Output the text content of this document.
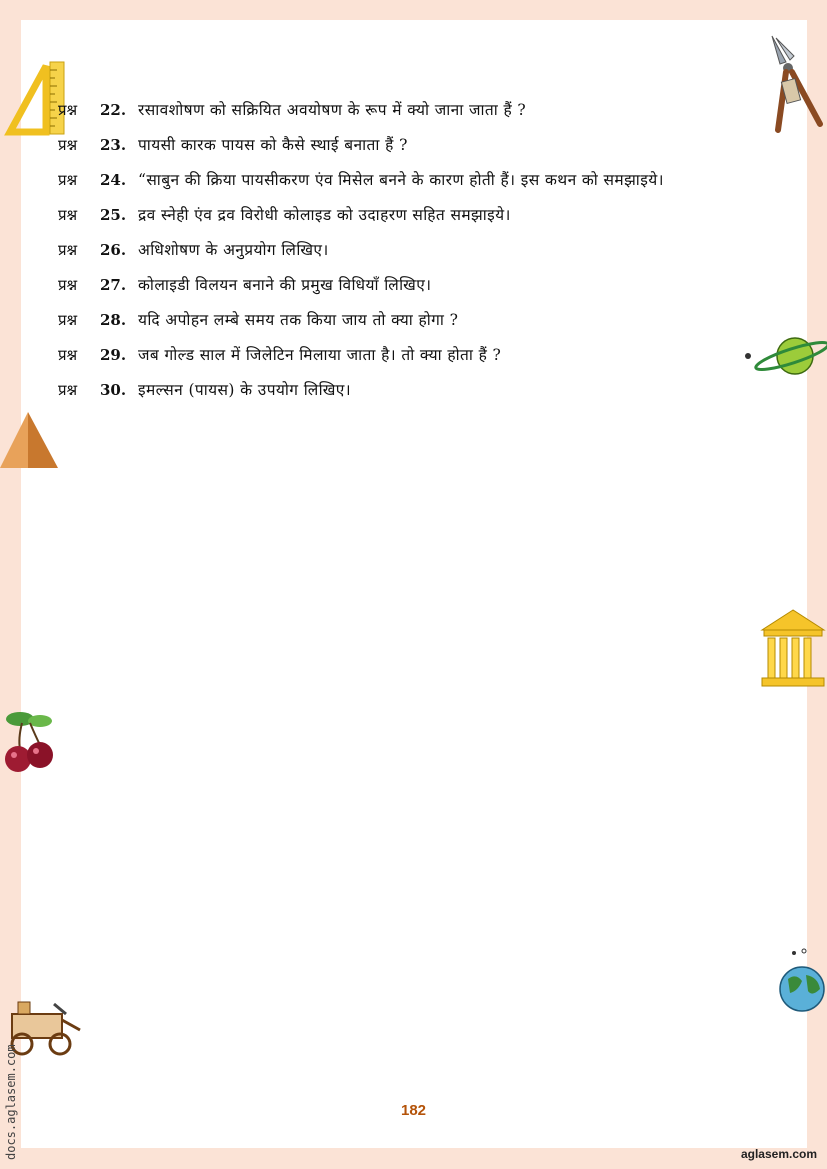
प्रश्न	22. रसावशोषण को सक्रियित अवयोषण के रूप में क्यो जाना जाता हैं ?
प्रश्न	23. पायसी कारक पायस को कैसे स्थाई बनाता हैं ?
प्रश्न	24. “साबुन की क्रिया पायसीकरण एंव मिसेल बनने के कारण होती हैं। इस कथन को समझाइये।
प्रश्न	25. द्रव स्नेही एंव द्रव विरोधी कोलाइड को उदाहरण सहित समझाइये।
प्रश्न	26. अधिशोषण के अनुप्रयोग लिखिए।
प्रश्न	27. कोलाइडी विलयन बनाने की प्रमुख विधियाँ लिखिए।
प्रश्न	28. यदि अपोहन लम्बे समय तक किया जाय तो क्या होगा ?
प्रश्न	29. जब गोल्ड साल में जिलेटिन मिलाया जाता है। तो क्या होता हैं ?
प्रश्न	30. इमल्सन (पायस) के उपयोग लिखिए।
182
aglasem.com
docs.aglasem.com
